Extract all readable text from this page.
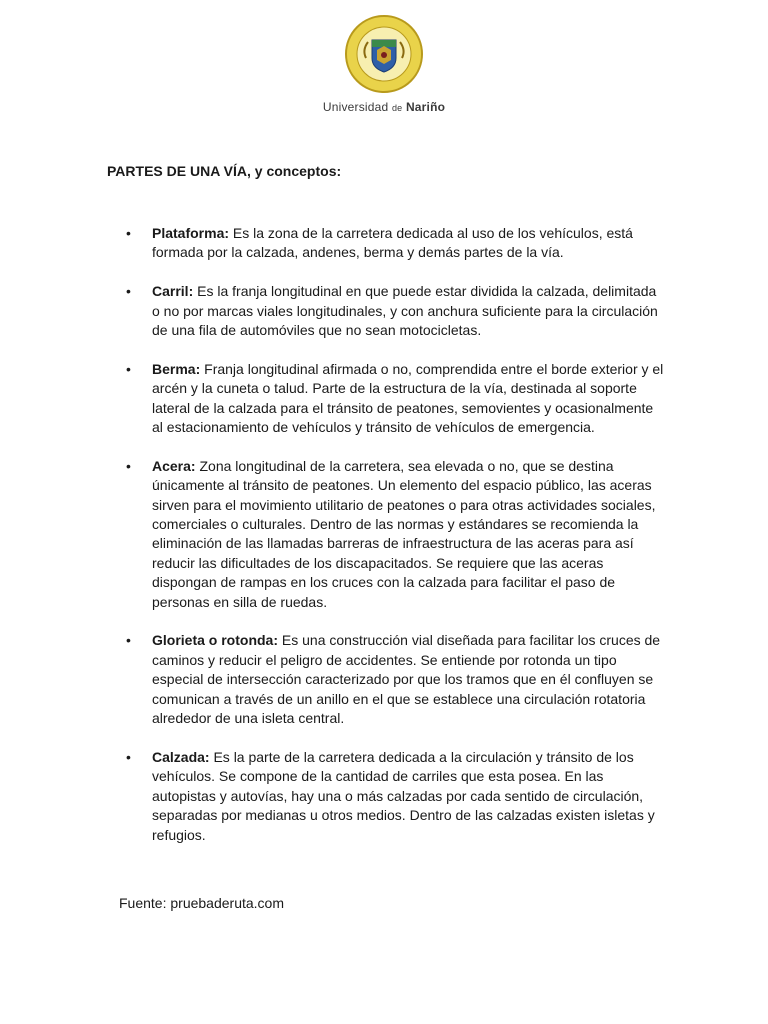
Universidad de Nariño
PARTES DE UNA VÍA, y conceptos:
• Plataforma: Es la zona de la carretera dedicada al uso de los vehículos, está formada por la calzada, andenes, berma y demás partes de la vía.
• Carril: Es la franja longitudinal en que puede estar dividida la calzada, delimitada o no por marcas viales longitudinales, y con anchura suficiente para la circulación de una fila de automóviles que no sean motocicletas.
• Berma: Franja longitudinal afirmada o no, comprendida entre el borde exterior y el arcén y la cuneta o talud. Parte de la estructura de la vía, destinada al soporte lateral de la calzada para el tránsito de peatones, semovientes y ocasionalmente al estacionamiento de vehículos y tránsito de vehículos de emergencia.
• Acera: Zona longitudinal de la carretera, sea elevada o no, que se destina únicamente al tránsito de peatones. Un elemento del espacio público, las aceras sirven para el movimiento utilitario de peatones o para otras actividades sociales, comerciales o culturales. Dentro de las normas y estándares se recomienda la eliminación de las llamadas barreras de infraestructura de las aceras para así reducir las dificultades de los discapacitados. Se requiere que las aceras dispongan de rampas en los cruces con la calzada para facilitar el paso de personas en silla de ruedas.
• Glorieta o rotonda: Es una construcción vial diseñada para facilitar los cruces de caminos y reducir el peligro de accidentes. Se entiende por rotonda un tipo especial de intersección caracterizado por que los tramos que en él confluyen se comunican a través de un anillo en el que se establece una circulación rotatoria alrededor de una isleta central.
• Calzada: Es la parte de la carretera dedicada a la circulación y tránsito de los vehículos. Se compone de la cantidad de carriles que esta posea. En las autopistas y autovías, hay una o más calzadas por cada sentido de circulación, separadas por medianas u otros medios. Dentro de las calzadas existen isletas y refugios.
Fuente: pruebaderuta.com
